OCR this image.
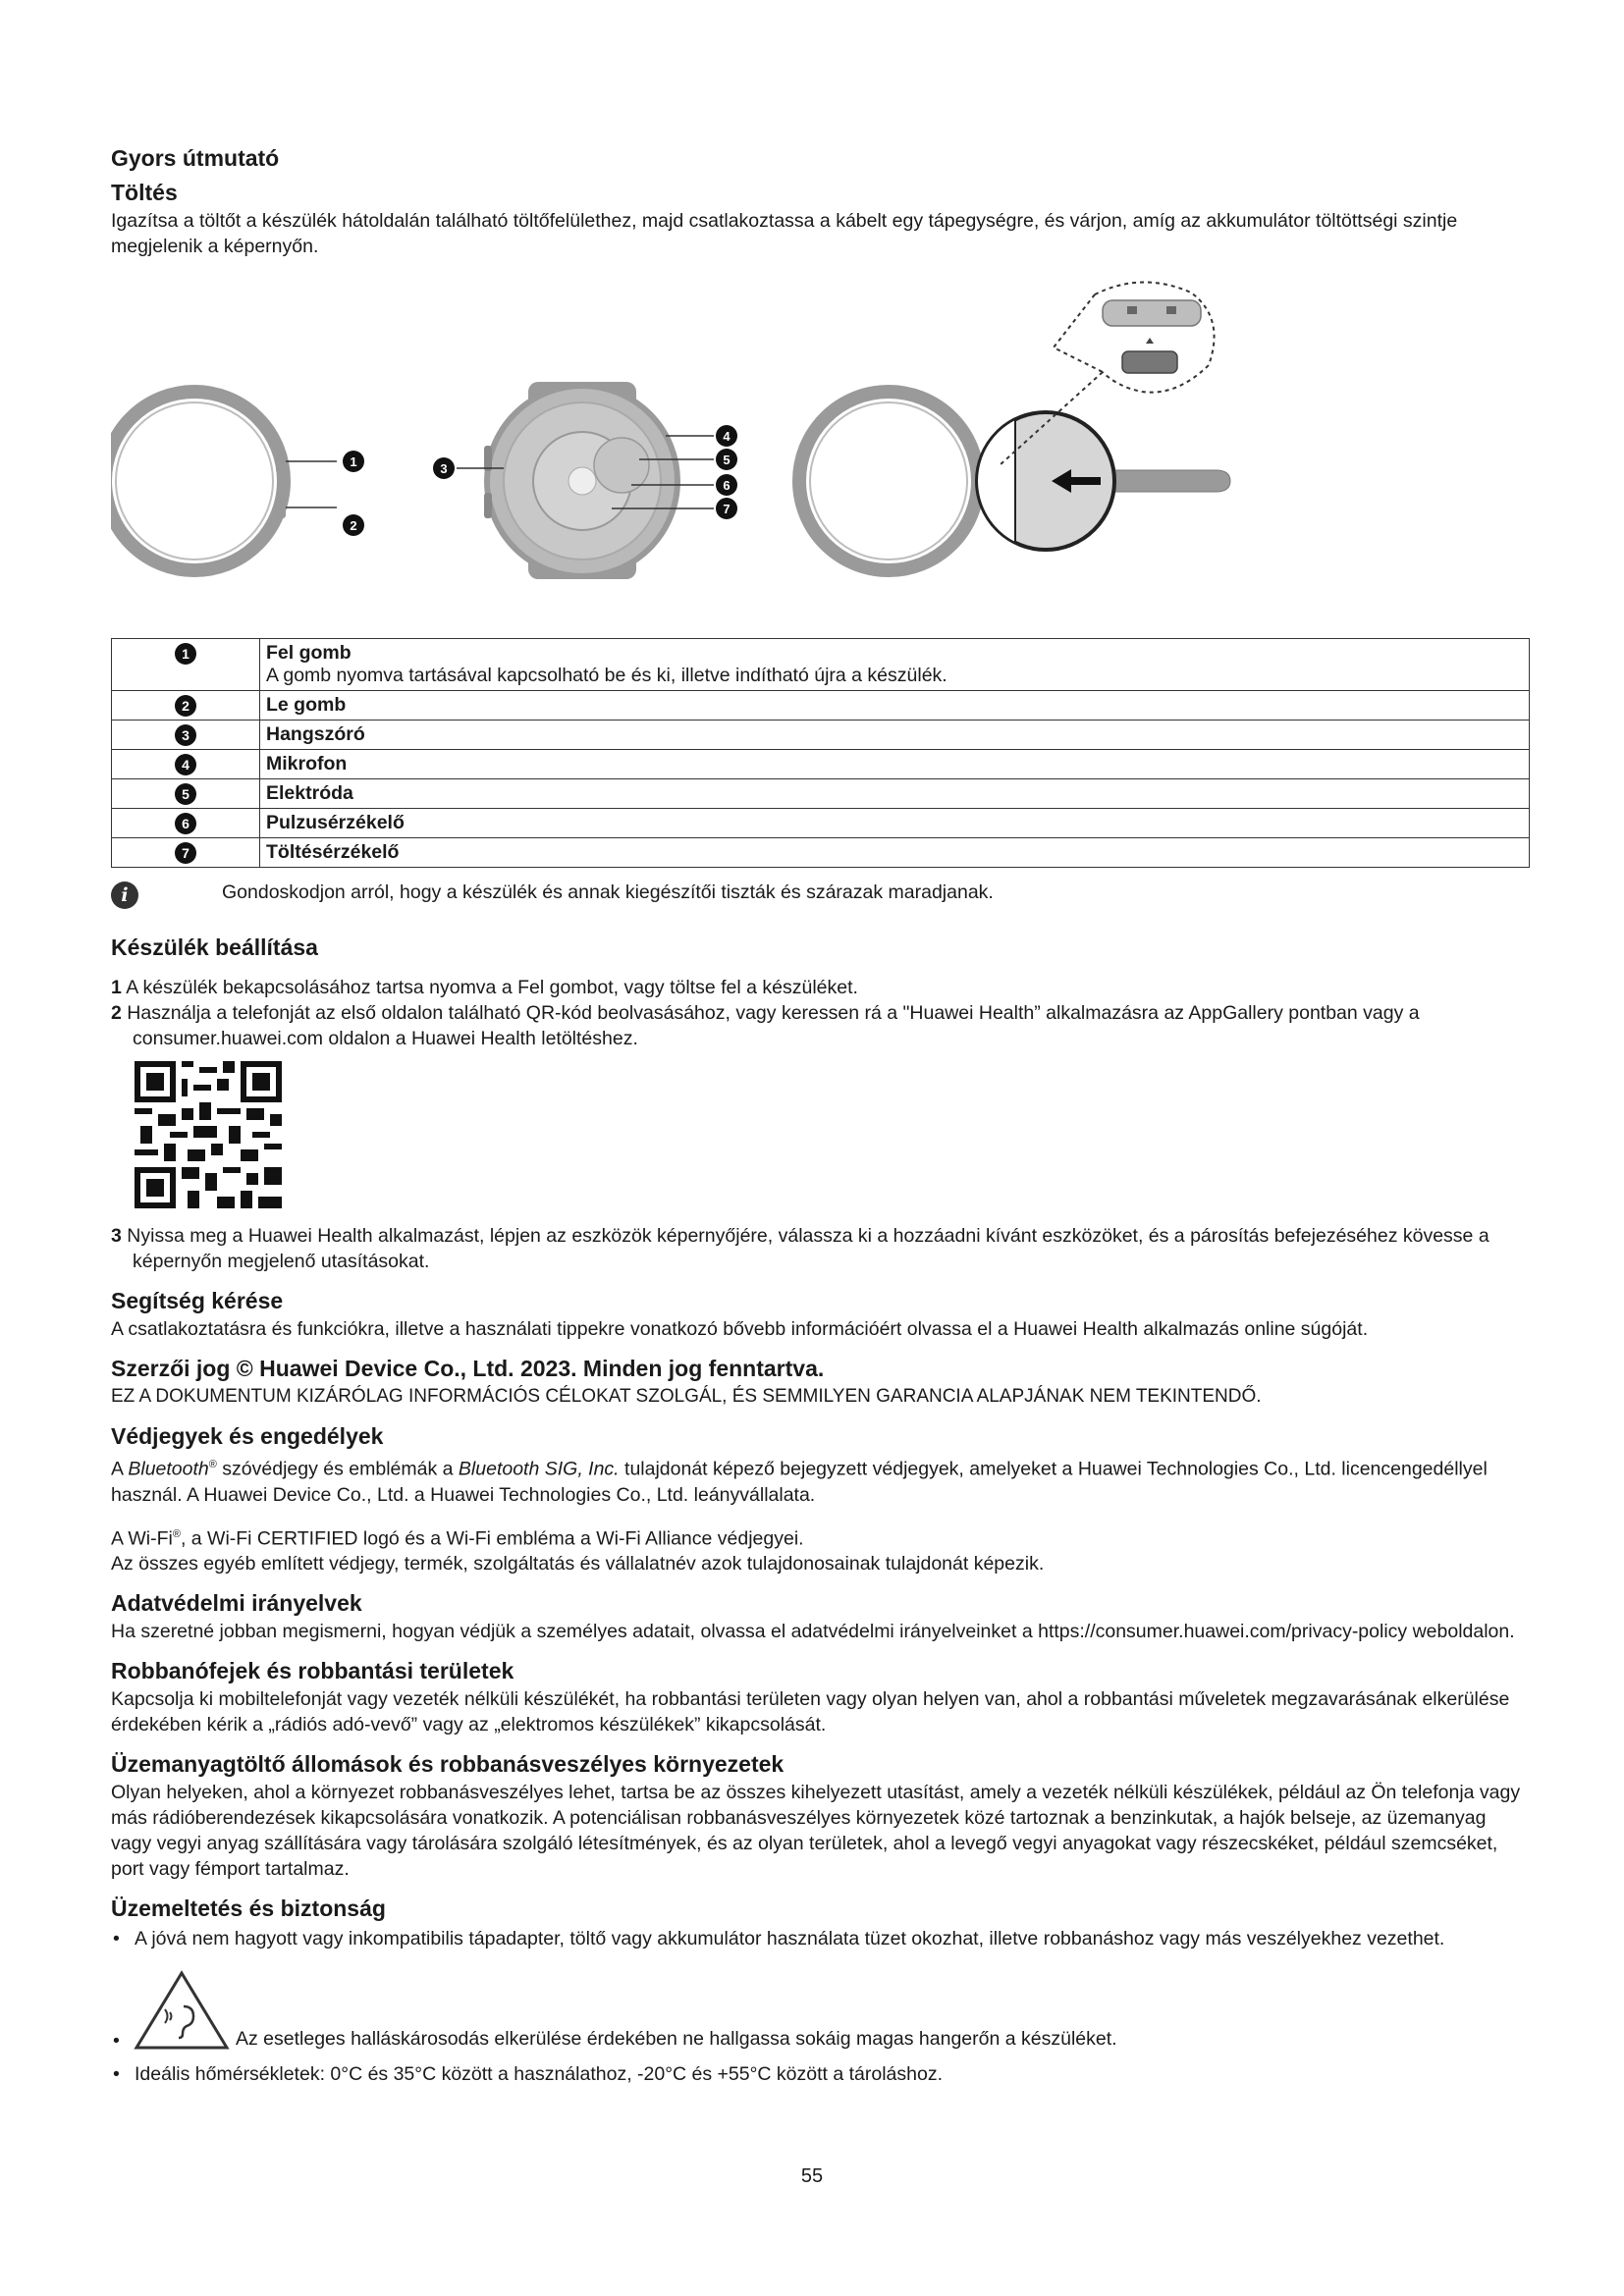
Gyors útmutató
Töltés

Igazítsa a töltőt a készülék hátoldalán található töltőfelülethez, majd csatlakoztassa a kábelt egy tápegységre, és várjon, amíg az akkumulátor töltöttségi szintje megjelenik a képernyőn.

1
2
3
4
5
6
7
1	Fel gomb
A gomb nyomva tartásával kapcsolható be és ki, illetve indítható újra a készülék.

2	Le gomb
3	Hangszóró
4	Mikrofon
5	Elektróda
6	Pulzusérzékelő
7	Töltésérzékelő
i	Gondoskodjon arról, hogy a készülék és annak kiegészítői tiszták és szárazak maradjanak.

Készülék beállítása
1 A készülék bekapcsolásához tartsa nyomva a Fel gombot, vagy töltse fel a készüléket.
2 Használja a telefonját az első oldalon található QR-kód beolvasásához, vagy keressen rá a "Huawei Health” alkalmazásra az AppGallery pontban vagy a consumer.huawei.com oldalon a Huawei Health letöltéshez.
3 Nyissa meg a Huawei Health alkalmazást, lépjen az eszközök képernyőjére, válassza ki a hozzáadni kívánt eszközöket, és a párosítás befejezéséhez kövesse a képernyőn megjelenő utasításokat.
Segítség kérése

A csatlakoztatásra és funkciókra, illetve a használati tippekre vonatkozó bővebb információért olvassa el a Huawei Health alkalmazás online súgóját.

Szerzői jog © Huawei Device Co., Ltd. 2023. Minden jog fenntartva.

EZ A DOKUMENTUM KIZÁRÓLAG INFORMÁCIÓS CÉLOKAT SZOLGÁL, ÉS SEMMILYEN GARANCIA ALAPJÁNAK NEM TEKINTENDŐ.

Védjegyek és engedélyek

A Bluetooth® szóvédjegy és emblémák a Bluetooth SIG, Inc. tulajdonát képező bejegyzett védjegyek, amelyeket a Huawei Technologies Co., Ltd. licencengedéllyel használ. A Huawei Device Co., Ltd. a Huawei Technologies Co., Ltd. leányvállalata.

A Wi-Fi®, a Wi-Fi CERTIFIED logó és a Wi-Fi embléma a Wi-Fi Alliance védjegyei.

Az összes egyéb említett védjegy, termék, szolgáltatás és vállalatnév azok tulajdonosainak tulajdonát képezik.

Adatvédelmi irányelvek

Ha szeretné jobban megismerni, hogyan védjük a személyes adatait, olvassa el adatvédelmi irányelveinket a https://consumer.huawei.com/privacy-policy weboldalon.

Robbanófejek és robbantási területek

Kapcsolja ki mobiltelefonját vagy vezeték nélküli készülékét, ha robbantási területen vagy olyan helyen van, ahol a robbantási műveletek megzavarásának elkerülése érdekében kérik a „rádiós adó-vevő” vagy az „elektromos készülékek” kikapcsolását.

Üzemanyagtöltő állomások és robbanásveszélyes környezetek

Olyan helyeken, ahol a környezet robbanásveszélyes lehet, tartsa be az összes kihelyezett utasítást, amely a vezeték nélküli készülékek, például az Ön telefonja vagy más rádióberendezések kikapcsolására vonatkozik. A potenciálisan robbanásveszélyes környezetek közé tartoznak a benzinkutak, a hajók belseje, az üzemanyag vagy vegyi anyag szállítására vagy tárolására szolgáló létesítmények, és az olyan területek, ahol a levegő vegyi anyagokat vagy részecskéket, például szemcséket, port vagy fémport tartalmaz.

Üzemeltetés és biztonság
• A jóvá nem hagyott vagy inkompatibilis tápadapter, töltő vagy akkumulátor használata tüzet okozhat, illetve robbanáshoz vagy más veszélyekhez vezethet.
•	Az esetleges halláskárosodás elkerülése érdekében ne hallgassa sokáig magas hangerőn a készüléket.
• Ideális hőmérsékletek: 0°C és 35°C között a használathoz, -20°C és +55°C között a tároláshoz.
55
